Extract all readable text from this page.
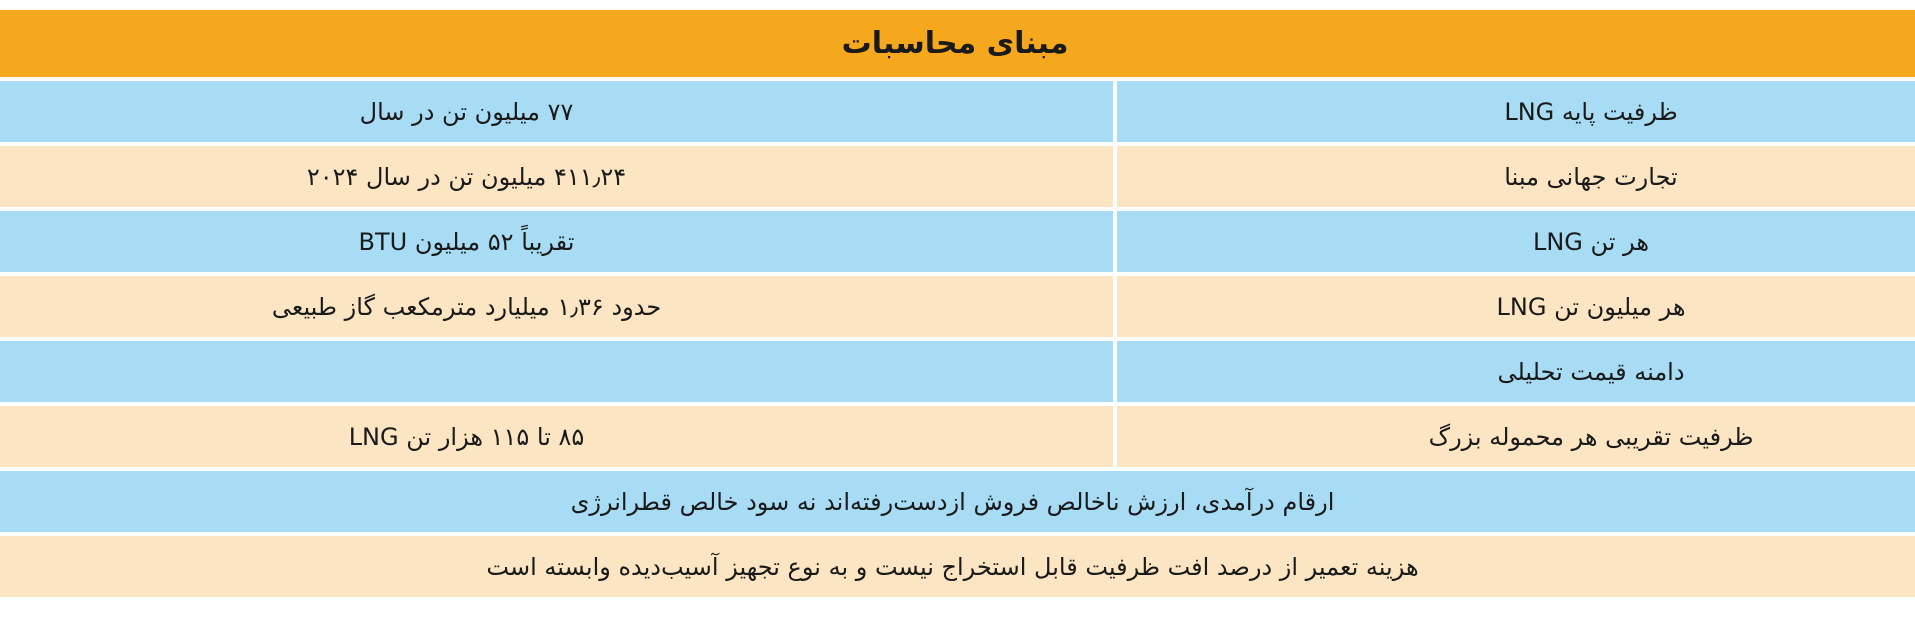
مبنای محاسبات
ظرفیت پایه LNG
۷۷ میلیون تن در سال
تجارت جهانی مبنا
۴۱۱٫۲۴ میلیون تن در سال ۲۰۲۴
هر تن LNG
تقریباً ۵۲ میلیون BTU
هر میلیون تن LNG
حدود ۱٫۳۶ میلیارد مترمکعب گاز طبیعی
دامنه قیمت تحلیلی
ظرفیت تقریبی هر محموله بزرگ
۸۵ تا ۱۱۵ هزار تن LNG
ارقام درآمدی، ارزش ناخالص فروش ازدست‌رفته‌اند نه سود خالص قطرانرژی
هزینه تعمیر از درصد افت ظرفیت قابل استخراج نیست و به نوع تجهیز آسیب‌دیده وابسته است
